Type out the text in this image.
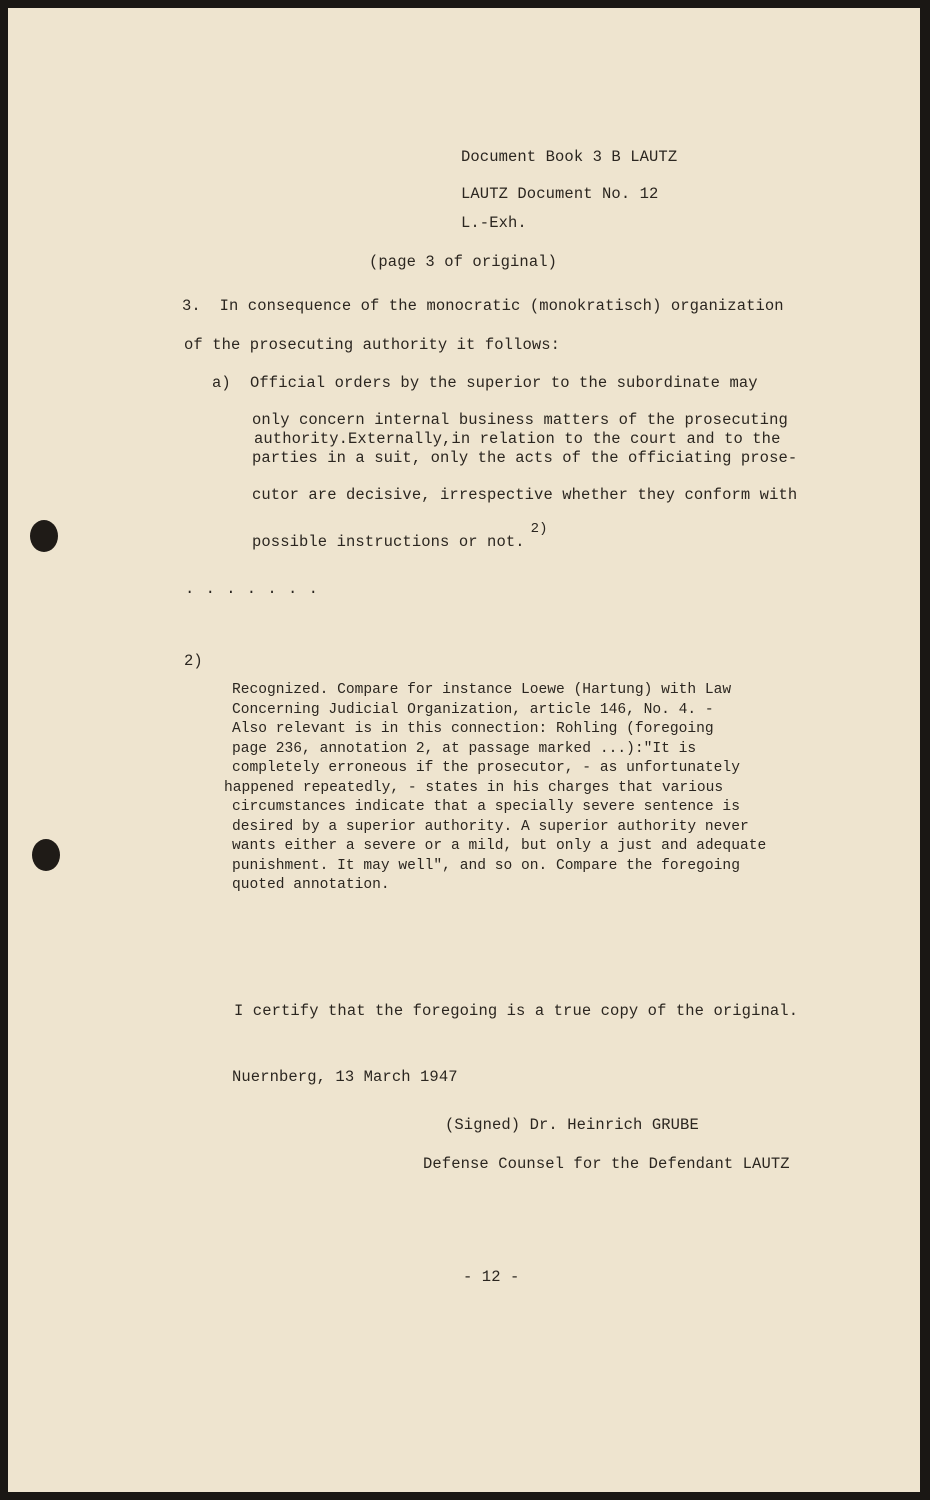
Document Book 3 B LAUTZ

LAUTZ Document No. 12

L.-Exh.

(page 3 of original)

3.  In consequence of the monocratic (monokratisch) organization

of the prosecuting authority it follows:

a) Official orders by the superior to the subordinate may

only concern internal business matters of the prosecuting

authority.Externally,in relation to the court and to the

parties in a suit, only the acts of the officiating prose-

cutor are decisive, irrespective whether they conform with

possible instructions or not.$^{2)}$

. . . . . . .

2)

Recognized. Compare for instance Loewe (Hartung) with Law
Concerning Judicial Organization, article 146, No. 4. -
Also relevant is in this connection: Rohling (foregoing
page 236, annotation 2, at passage marked ...):"It is
completely erroneous if the prosecutor, - as unfortunately
happened repeatedly, - states in his charges that various
circumstances indicate that a specially severe sentence is
desired by a superior authority. A superior authority never
wants either a severe or a mild, but only a just and adequate
punishment. It may well", and so on. Compare the foregoing
quoted annotation.

I certify that the foregoing is a true copy of the original.

Nuernberg, 13 March 1947

(Signed) Dr. Heinrich GRUBE

Defense Counsel for the Defendant LAUTZ

- 12 -
